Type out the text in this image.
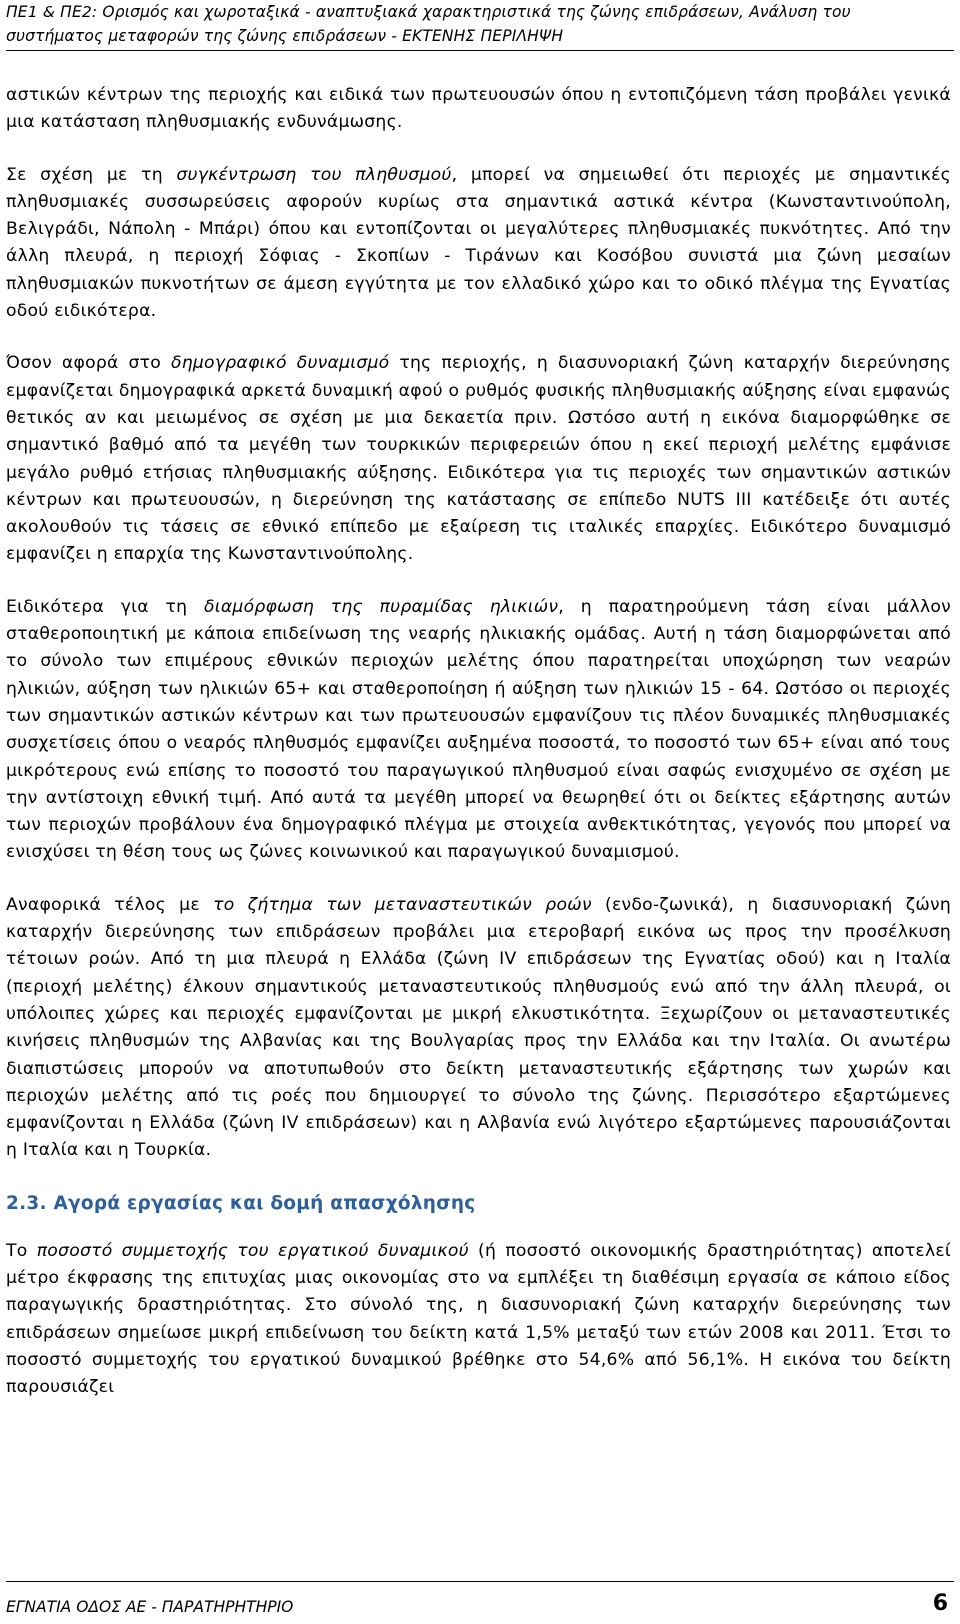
ΠΕ1 & ΠΕ2: Ορισμός και χωροταξικά - αναπτυξιακά χαρακτηριστικά της ζώνης επιδράσεων, Ανάλυση του
συστήματος μεταφορών της ζώνης επιδράσεων - ΕΚΤΕΝΗΣ ΠΕΡΙΛΗΨΗ

αστικών κέντρων της περιοχής και ειδικά των πρωτευουσών όπου η εντοπιζόμενη τάση προβάλει γενικά μια κατάσταση πληθυσμιακής ενδυνάμωσης.

Σε σχέση με τη συγκέντρωση του πληθυσμού, μπορεί να σημειωθεί ότι περιοχές με σημαντικές πληθυσμιακές συσσωρεύσεις αφορούν κυρίως στα σημαντικά αστικά κέντρα (Κωνσταντινούπολη, Βελιγράδι, Νάπολη - Μπάρι) όπου και εντοπίζονται οι μεγαλύτερες πληθυσμιακές πυκνότητες. Από την άλλη πλευρά, η περιοχή Σόφιας - Σκοπίων - Τιράνων και Κοσόβου συνιστά μια ζώνη μεσαίων πληθυσμιακών πυκνοτήτων σε άμεση εγγύτητα με τον ελλαδικό χώρο και το οδικό πλέγμα της Εγνατίας οδού ειδικότερα.

Όσον αφορά στο δημογραφικό δυναμισμό της περιοχής, η διασυνοριακή ζώνη καταρχήν διερεύνησης εμφανίζεται δημογραφικά αρκετά δυναμική αφού ο ρυθμός φυσικής πληθυσμιακής αύξησης είναι εμφανώς θετικός αν και μειωμένος σε σχέση με μια δεκαετία πριν. Ωστόσο αυτή η εικόνα διαμορφώθηκε σε σημαντικό βαθμό από τα μεγέθη των τουρκικών περιφερειών όπου η εκεί περιοχή μελέτης εμφάνισε μεγάλο ρυθμό ετήσιας πληθυσμιακής αύξησης. Ειδικότερα για τις περιοχές των σημαντικών αστικών κέντρων και πρωτευουσών, η διερεύνηση της κατάστασης σε επίπεδο NUTS III κατέδειξε ότι αυτές ακολουθούν τις τάσεις σε εθνικό επίπεδο με εξαίρεση τις ιταλικές επαρχίες. Ειδικότερο δυναμισμό εμφανίζει η επαρχία της Κωνσταντινούπολης.

Ειδικότερα για τη διαμόρφωση της πυραμίδας ηλικιών, η παρατηρούμενη τάση είναι μάλλον σταθεροποιητική με κάποια επιδείνωση της νεαρής ηλικιακής ομάδας. Αυτή η τάση διαμορφώνεται από το σύνολο των επιμέρους εθνικών περιοχών μελέτης όπου παρατηρείται υποχώρηση των νεαρών ηλικιών, αύξηση των ηλικιών 65+ και σταθεροποίηση ή αύξηση των ηλικιών 15 - 64. Ωστόσο οι περιοχές των σημαντικών αστικών κέντρων και των πρωτευουσών εμφανίζουν τις πλέον δυναμικές πληθυσμιακές συσχετίσεις όπου ο νεαρός πληθυσμός εμφανίζει αυξημένα ποσοστά, το ποσοστό των 65+ είναι από τους μικρότερους ενώ επίσης το ποσοστό του παραγωγικού πληθυσμού είναι σαφώς ενισχυμένο σε σχέση με την αντίστοιχη εθνική τιμή. Από αυτά τα μεγέθη μπορεί να θεωρηθεί ότι οι δείκτες εξάρτησης αυτών των περιοχών προβάλουν ένα δημογραφικό πλέγμα με στοιχεία ανθεκτικότητας, γεγονός που μπορεί να ενισχύσει τη θέση τους ως ζώνες κοινωνικού και παραγωγικού δυναμισμού.

Αναφορικά τέλος με το ζήτημα των μεταναστευτικών ροών (ενδο-ζωνικά), η διασυνοριακή ζώνη καταρχήν διερεύνησης των επιδράσεων προβάλει μια ετεροβαρή εικόνα ως προς την προσέλκυση τέτοιων ροών. Από τη μια πλευρά η Ελλάδα (ζώνη IV επιδράσεων της Εγνατίας οδού) και η Ιταλία (περιοχή μελέτης) έλκουν σημαντικούς μεταναστευτικούς πληθυσμούς ενώ από την άλλη πλευρά, οι υπόλοιπες χώρες και περιοχές εμφανίζονται με μικρή ελκυστικότητα. Ξεχωρίζουν οι μεταναστευτικές κινήσεις πληθυσμών της Αλβανίας και της Βουλγαρίας προς την Ελλάδα και την Ιταλία. Οι ανωτέρω διαπιστώσεις μπορούν να αποτυπωθούν στο δείκτη μεταναστευτικής εξάρτησης των χωρών και περιοχών μελέτης από τις ροές που δημιουργεί το σύνολο της ζώνης. Περισσότερο εξαρτώμενες εμφανίζονται η Ελλάδα (ζώνη IV επιδράσεων) και η Αλβανία ενώ λιγότερο εξαρτώμενες παρουσιάζονται η Ιταλία και η Τουρκία.

2.3. Αγορά εργασίας και δομή απασχόλησης

Το ποσοστό συμμετοχής του εργατικού δυναμικού (ή ποσοστό οικονομικής δραστηριότητας) αποτελεί μέτρο έκφρασης της επιτυχίας μιας οικονομίας στο να εμπλέξει τη διαθέσιμη εργασία σε κάποιο είδος παραγωγικής δραστηριότητας. Στο σύνολό της, η διασυνοριακή ζώνη καταρχήν διερεύνησης των επιδράσεων σημείωσε μικρή επιδείνωση του δείκτη κατά 1,5% μεταξύ των ετών 2008 και 2011. Έτσι το ποσοστό συμμετοχής του εργατικού δυναμικού βρέθηκε στο 54,6% από 56,1%. Η εικόνα του δείκτη παρουσιάζει

ΕΓΝΑΤΙΑ ΟΔΟΣ ΑΕ - ΠΑΡΑΤΗΡΗΤΗΡΙΟ	6
